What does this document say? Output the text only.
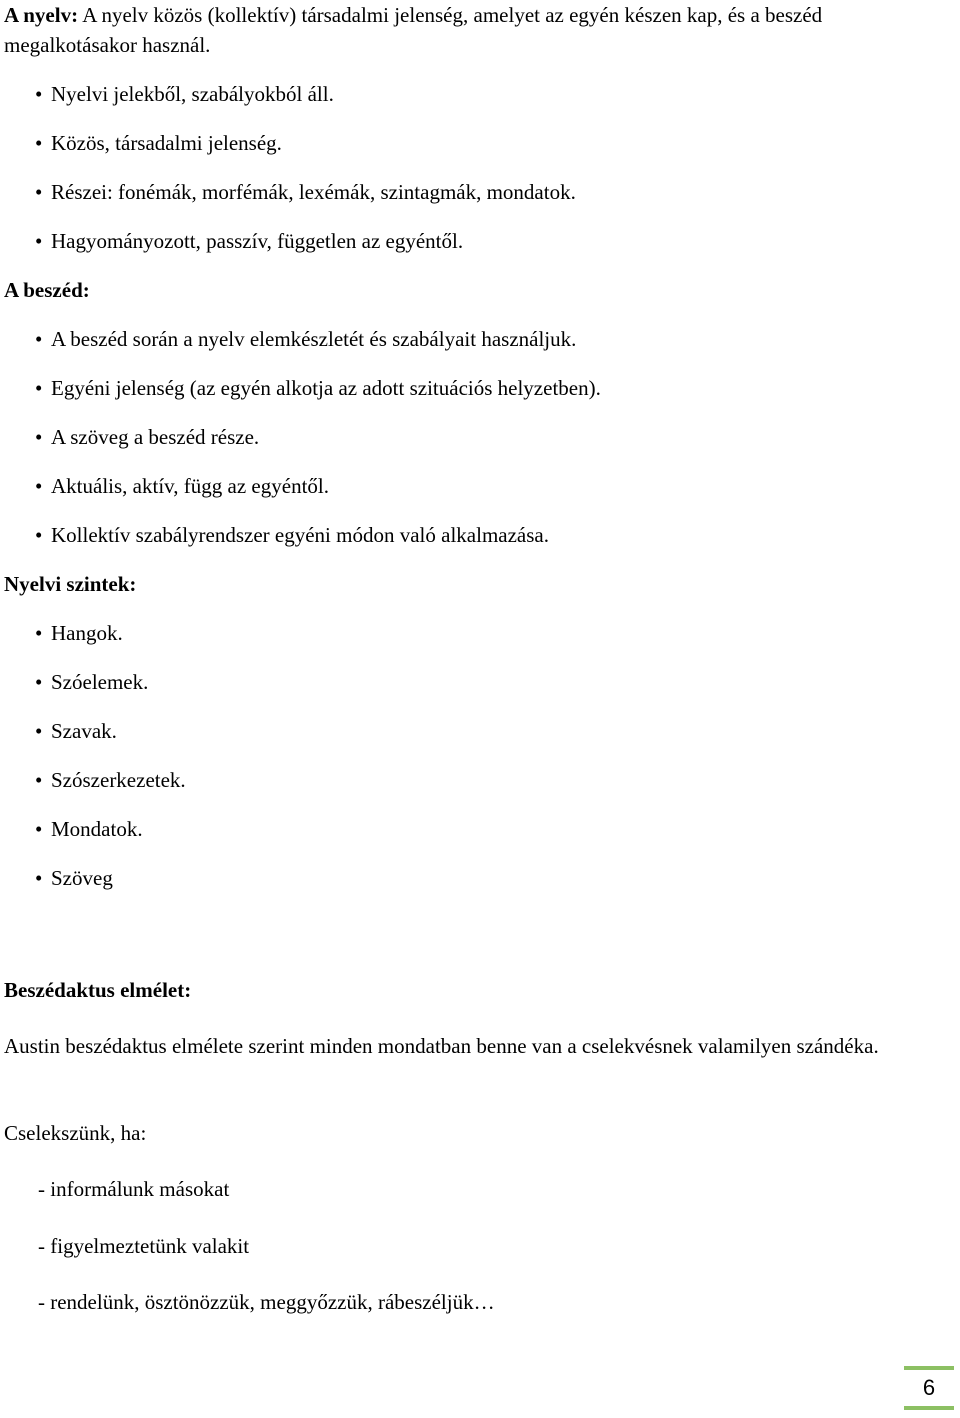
A nyelv: A nyelv közös (kollektív) társadalmi jelenség, amelyet az egyén készen kap, és a beszéd megalkotásakor használ.

• Nyelvi jelekből, szabályokból áll.
• Közös, társadalmi jelenség.
• Részei: fonémák, morfémák, lexémák, szintagmák, mondatok.
• Hagyományozott, passzív, független az egyéntől.

A beszéd:

• A beszéd során a nyelv elemkészletét és szabályait használjuk.
• Egyéni jelenség (az egyén alkotja az adott szituációs helyzetben).
• A szöveg a beszéd része.
• Aktuális, aktív, függ az egyéntől.
• Kollektív szabályrendszer egyéni módon való alkalmazása.

Nyelvi szintek:

• Hangok.
• Szóelemek.
• Szavak.
• Szószerkezetek.
• Mondatok.
• Szöveg

Beszédaktus elmélet:

Austin beszédaktus elmélete szerint minden mondatban benne van a cselekvésnek valamilyen szándéka.

Cselekszünk, ha:

- informálunk másokat

- figyelmeztetünk valakit

- rendelünk, ösztönözzük, meggyőzzük, rábeszéljük…

6
